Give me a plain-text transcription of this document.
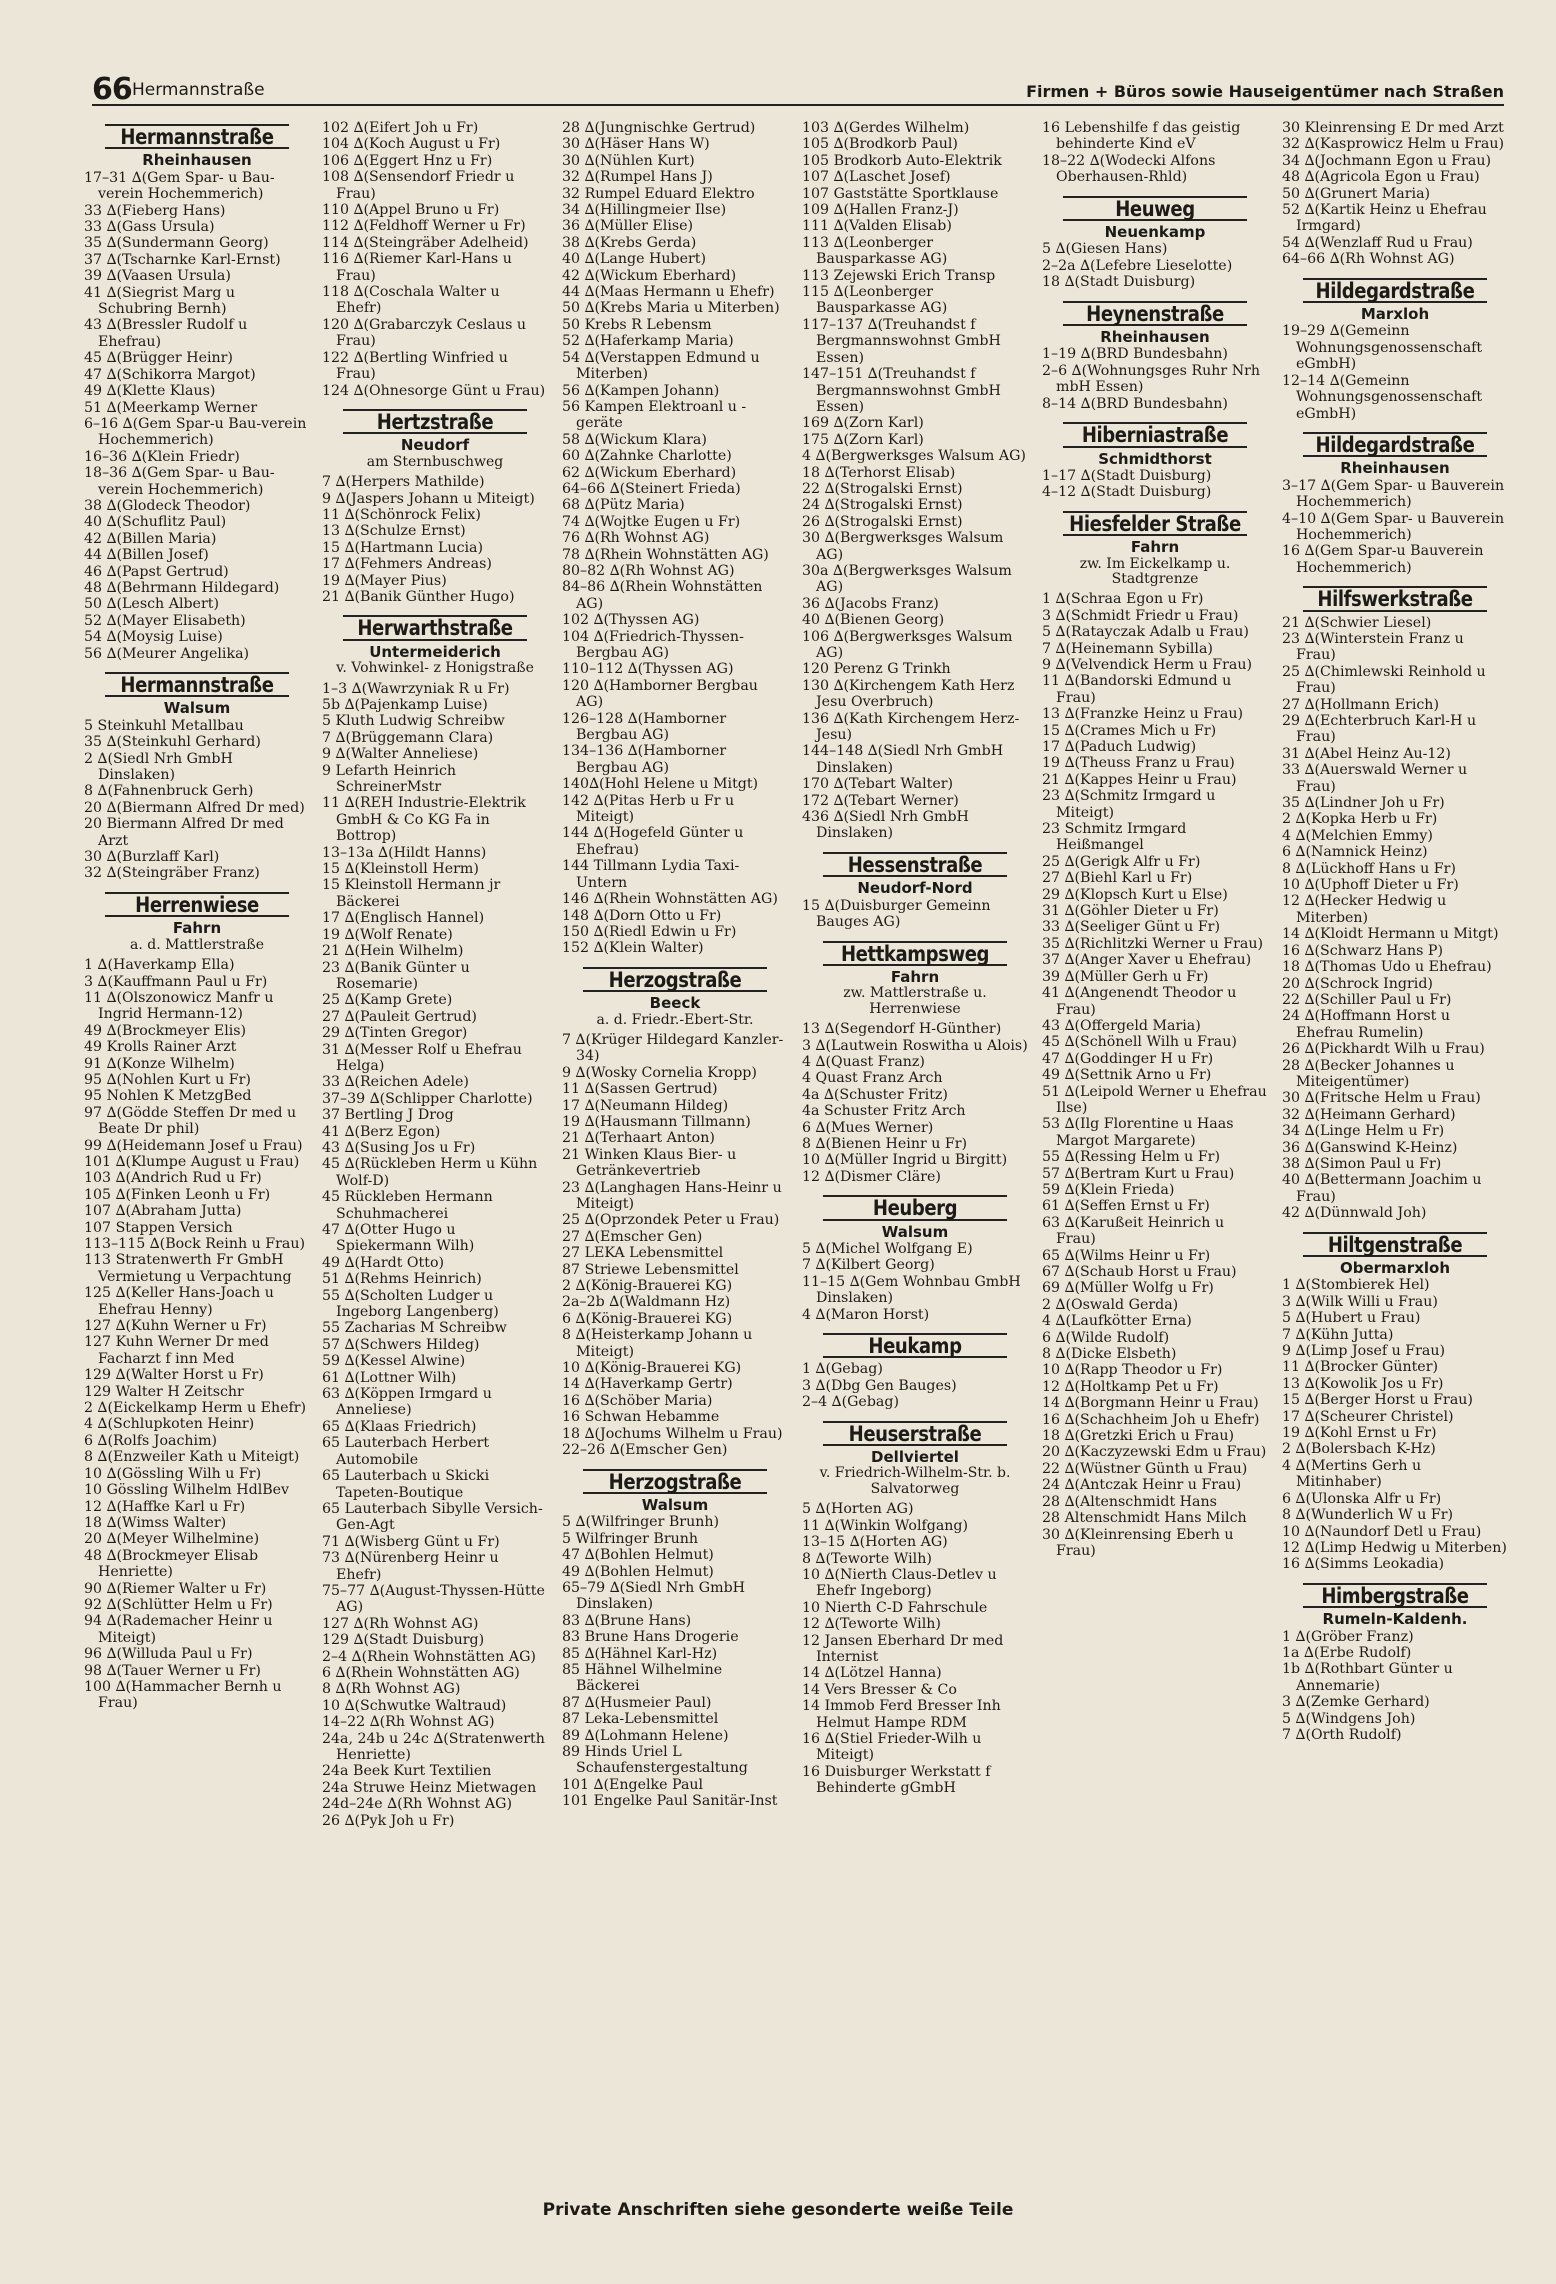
66 Hermannstraße	Firmen + Büros sowie Hauseigentümer nach Straßen
Hermannstraße
Rheinhausen
17–31 ∆(Gem Spar- u Bau-verein Hochemmerich)
33 ∆(Fieberg Hans)
33 ∆(Gass Ursula)
35 ∆(Sundermann Georg)
37 ∆(Tscharnke Karl-Ernst)
39 ∆(Vaasen Ursula)
41 ∆(Siegrist Marg u Schubring Bernh)
43 ∆(Bressler Rudolf u Ehefrau)
45 ∆(Brügger Heinr)
47 ∆(Schikorra Margot)
49 ∆(Klette Klaus)
51 ∆(Meerkamp Werner
6–16 ∆(Gem Spar-u Bau-verein Hochemmerich)
16–36 ∆(Klein Friedr)
18–36 ∆(Gem Spar- u Bau-verein Hochemmerich)
38 ∆(Glodeck Theodor)
40 ∆(Schuflitz Paul)
42 ∆(Billen Maria)
44 ∆(Billen Josef)
46 ∆(Papst Gertrud)
48 ∆(Behrmann Hildegard)
50 ∆(Lesch Albert)
52 ∆(Mayer Elisabeth)
54 ∆(Moysig Luise)
56 ∆(Meurer Angelika)
Hermannstraße
Walsum
5 Steinkuhl Metallbau
35 ∆(Steinkuhl Gerhard)
2 ∆(Siedl Nrh GmbH Dinslaken)
8 ∆(Fahnenbruck Gerh)
20 ∆(Biermann Alfred Dr med)
20 Biermann Alfred Dr med Arzt
30 ∆(Burzlaff Karl)
32 ∆(Steingräber Franz)
Herrenwiese
Fahrn
a. d. Mattlerstraße
1 ∆(Haverkamp Ella)
3 ∆(Kauffmann Paul u Fr)
11 ∆(Olszonowicz Manfr u Ingrid Hermann-12)
49 ∆(Brockmeyer Elis)
49 Krolls Rainer Arzt
91 ∆(Konze Wilhelm)
95 ∆(Nohlen Kurt u Fr)
95 Nohlen K MetzgBed
97 ∆(Gödde Steffen Dr med u Beate Dr phil)
99 ∆(Heidemann Josef u Frau)
101 ∆(Klumpe August u Frau)
103 ∆(Andrich Rud u Fr)
105 ∆(Finken Leonh u Fr)
107 ∆(Abraham Jutta)
107 Stappen Versich
113–115 ∆(Bock Reinh u Frau)
113 Stratenwerth Fr GmbH Vermietung u Verpachtung
125 ∆(Keller Hans-Joach u Ehefrau Henny)
127 ∆(Kuhn Werner u Fr)
127 Kuhn Werner Dr med Facharzt f inn Med
129 ∆(Walter Horst u Fr)
129 Walter H Zeitschr
2 ∆(Eickelkamp Herm u Ehefr)
4 ∆(Schlupkoten Heinr)
6 ∆(Rolfs Joachim)
8 ∆(Enzweiler Kath u Miteigt)
10 ∆(Gössling Wilh u Fr)
10 Gössling Wilhelm HdlBev
12 ∆(Haffke Karl u Fr)
18 ∆(Wimss Walter)
20 ∆(Meyer Wilhelmine)
48 ∆(Brockmeyer Elisab Henriette)
90 ∆(Riemer Walter u Fr)
92 ∆(Schlütter Helm u Fr)
94 ∆(Rademacher Heinr u Miteigt)
96 ∆(Willuda Paul u Fr)
98 ∆(Tauer Werner u Fr)
100 ∆(Hammacher Bernh u Frau)
102 ∆(Eifert Joh u Fr)
104 ∆(Koch August u Fr)
106 ∆(Eggert Hnz u Fr)
108 ∆(Sensendorf Friedr u Frau)
110 ∆(Appel Bruno u Fr)
112 ∆(Feldhoff Werner u Fr)
114 ∆(Steingräber Adelheid)
116 ∆(Riemer Karl-Hans u Frau)
118 ∆(Coschala Walter u Ehefr)
120 ∆(Grabarczyk Ceslaus u Frau)
122 ∆(Bertling Winfried u Frau)
124 ∆(Ohnesorge Günt u Frau)
Hertzstraße
Neudorf
am Sternbuschweg
7 ∆(Herpers Mathilde)
9 ∆(Jaspers Johann u Miteigt)
11 ∆(Schönrock Felix)
13 ∆(Schulze Ernst)
15 ∆(Hartmann Lucia)
17 ∆(Fehmers Andreas)
19 ∆(Mayer Pius)
21 ∆(Banik Günther Hugo)
Herwarthstraße
Untermeiderich
v. Vohwinkel- z Honigstraße
1–3 ∆(Wawrzyniak R u Fr)
5b ∆(Pajenkamp Luise)
5 Kluth Ludwig Schreibw
7 ∆(Brüggemann Clara)
9 ∆(Walter Anneliese)
9 Lefarth Heinrich SchreinerMstr
11 ∆(REH Industrie-Elektrik GmbH & Co KG Fa in Bottrop)
13–13a ∆(Hildt Hanns)
15 ∆(Kleinstoll Herm)
15 Kleinstoll Hermann jr Bäckerei
17 ∆(Englisch Hannel)
19 ∆(Wolf Renate)
21 ∆(Hein Wilhelm)
23 ∆(Banik Günter u Rosemarie)
25 ∆(Kamp Grete)
27 ∆(Pauleit Gertrud)
29 ∆(Tinten Gregor)
31 ∆(Messer Rolf u Ehefrau Helga)
33 ∆(Reichen Adele)
37–39 ∆(Schlipper Charlotte)
37 Bertling J Drog
41 ∆(Berz Egon)
43 ∆(Susing Jos u Fr)
45 ∆(Rückleben Herm u Kühn Wolf-D)
45 Rückleben Hermann Schuhmacherei
47 ∆(Otter Hugo u Spiekermann Wilh)
49 ∆(Hardt Otto)
51 ∆(Rehms Heinrich)
55 ∆(Scholten Ludger u Ingeborg Langenberg)
55 Zacharias M Schreibw
57 ∆(Schwers Hildeg)
59 ∆(Kessel Alwine)
61 ∆(Lottner Wilh)
63 ∆(Köppen Irmgard u Anneliese)
65 ∆(Klaas Friedrich)
65 Lauterbach Herbert Automobile
65 Lauterbach u Skicki Tapeten-Boutique
65 Lauterbach Sibylle Versich-Gen-Agt
71 ∆(Wisberg Günt u Fr)
73 ∆(Nürenberg Heinr u Ehefr)
75–77 ∆(August-Thyssen-Hütte AG)
127 ∆(Rh Wohnst AG)
129 ∆(Stadt Duisburg)
2–4 ∆(Rhein Wohnstätten AG)
6 ∆(Rhein Wohnstätten AG)
8 ∆(Rh Wohnst AG)
10 ∆(Schwutke Waltraud)
14–22 ∆(Rh Wohnst AG)
24a, 24b u 24c ∆(Stratenwerth Henriette)
24a Beek Kurt Textilien
24a Struwe Heinz Mietwagen
24d–24e ∆(Rh Wohnst AG)
26 ∆(Pyk Joh u Fr)
28 ∆(Jungnischke Gertrud)
30 ∆(Häser Hans W)
30 ∆(Nühlen Kurt)
32 ∆(Rumpel Hans J)
32 Rumpel Eduard Elektro
34 ∆(Hillingmeier Ilse)
36 ∆(Müller Elise)
38 ∆(Krebs Gerda)
40 ∆(Lange Hubert)
42 ∆(Wickum Eberhard)
44 ∆(Maas Hermann u Ehefr)
50 ∆(Krebs Maria u Miterben)
50 Krebs R Lebensm
52 ∆(Haferkamp Maria)
54 ∆(Verstappen Edmund u Miterben)
56 ∆(Kampen Johann)
56 Kampen Elektroanl u -geräte
58 ∆(Wickum Klara)
60 ∆(Zahnke Charlotte)
62 ∆(Wickum Eberhard)
64–66 ∆(Steinert Frieda)
68 ∆(Pütz Maria)
74 ∆(Wojtke Eugen u Fr)
76 ∆(Rh Wohnst AG)
78 ∆(Rhein Wohnstätten AG)
80–82 ∆(Rh Wohnst AG)
84–86 ∆(Rhein Wohnstätten AG)
102 ∆(Thyssen AG)
104 ∆(Friedrich-Thyssen-Bergbau AG)
110–112 ∆(Thyssen AG)
120 ∆(Hamborner Bergbau AG)
126–128 ∆(Hamborner Bergbau AG)
134–136 ∆(Hamborner Bergbau AG)
140∆(Hohl Helene u Mitgt)
142 ∆(Pitas Herb u Fr u Miteigt)
144 ∆(Hogefeld Günter u Ehefrau)
144 Tillmann Lydia Taxi-Untern
146 ∆(Rhein Wohnstätten AG)
148 ∆(Dorn Otto u Fr)
150 ∆(Riedl Edwin u Fr)
152 ∆(Klein Walter)
Herzogstraße
Beeck
a. d. Friedr.-Ebert-Str.
7 ∆(Krüger Hildegard Kanzler-34)
9 ∆(Wosky Cornelia Kropp)
11 ∆(Sassen Gertrud)
17 ∆(Neumann Hildeg)
19 ∆(Hausmann Tillmann)
21 ∆(Terhaart Anton)
21 Winken Klaus Bier- u Getränkevertrieb
23 ∆(Langhagen Hans-Heinr u Miteigt)
25 ∆(Oprzondek Peter u Frau)
27 ∆(Emscher Gen)
27 LEKA Lebensmittel
87 Striewe Lebensmittel
2 ∆(König-Brauerei KG)
2a–2b ∆(Waldmann Hz)
6 ∆(König-Brauerei KG)
8 ∆(Heisterkamp Johann u Miteigt)
10 ∆(König-Brauerei KG)
14 ∆(Haverkamp Gertr)
16 ∆(Schöber Maria)
16 Schwan Hebamme
18 ∆(Jochums Wilhelm u Frau)
22–26 ∆(Emscher Gen)
Herzogstraße
Walsum
5 ∆(Wilfringer Brunh)
5 Wilfringer Brunh
47 ∆(Bohlen Helmut)
49 ∆(Bohlen Helmut)
65–79 ∆(Siedl Nrh GmbH Dinslaken)
83 ∆(Brune Hans)
83 Brune Hans Drogerie
85 ∆(Hähnel Karl-Hz)
85 Hähnel Wilhelmine Bäckerei
87 ∆(Husmeier Paul)
87 Leka-Lebensmittel
89 ∆(Lohmann Helene)
89 Hinds Uriel L Schaufenstergestaltung
101 ∆(Engelke Paul
101 Engelke Paul Sanitär-Inst
103 ∆(Gerdes Wilhelm)
105 ∆(Brodkorb Paul)
105 Brodkorb Auto-Elektrik
107 ∆(Laschet Josef)
107 Gaststätte Sportklause
109 ∆(Hallen Franz-J)
111 ∆(Valden Elisab)
113 ∆(Leonberger Bausparkasse AG)
113 Zejewski Erich Transp
115 ∆(Leonberger Bausparkasse AG)
117–137 ∆(Treuhandst f Bergmannswohnst GmbH Essen)
147–151 ∆(Treuhandst f Bergmannswohnst GmbH Essen)
169 ∆(Zorn Karl)
175 ∆(Zorn Karl)
4 ∆(Bergwerksges Walsum AG)
18 ∆(Terhorst Elisab)
22 ∆(Strogalski Ernst)
24 ∆(Strogalski Ernst)
26 ∆(Strogalski Ernst)
30 ∆(Bergwerksges Walsum AG)
30a ∆(Bergwerksges Walsum AG)
36 ∆(Jacobs Franz)
40 ∆(Bienen Georg)
106 ∆(Bergwerksges Walsum AG)
120 Perenz G Trinkh
130 ∆(Kirchengem Kath Herz Jesu Overbruch)
136 ∆(Kath Kirchengem Herz-Jesu)
144–148 ∆(Siedl Nrh GmbH Dinslaken)
170 ∆(Tebart Walter)
172 ∆(Tebart Werner)
436 ∆(Siedl Nrh GmbH Dinslaken)
Hessenstraße
Neudorf-Nord
15 ∆(Duisburger Gemeinn Bauges AG)
Hettkampsweg
Fahrn
zw. Mattlerstraße u. Herrenwiese
13 ∆(Segendorf H-Günther)
3 ∆(Lautwein Roswitha u Alois)
4 ∆(Quast Franz)
4 Quast Franz Arch
4a ∆(Schuster Fritz)
4a Schuster Fritz Arch
6 ∆(Mues Werner)
8 ∆(Bienen Heinr u Fr)
10 ∆(Müller Ingrid u Birgitt)
12 ∆(Dismer Cläre)
Heuberg
Walsum
5 ∆(Michel Wolfgang E)
7 ∆(Kilbert Georg)
11–15 ∆(Gem Wohnbau GmbH Dinslaken)
4 ∆(Maron Horst)
Heukamp
1 ∆(Gebag)
3 ∆(Dbg Gen Bauges)
2–4 ∆(Gebag)
Heuserstraße
Dellviertel
v. Friedrich-Wilhelm-Str. b. Salvatorweg
5 ∆(Horten AG)
11 ∆(Winkin Wolfgang)
13–15 ∆(Horten AG)
8 ∆(Teworte Wilh)
10 ∆(Nierth Claus-Detlev u Ehefr Ingeborg)
10 Nierth C-D Fahrschule
12 ∆(Teworte Wilh)
12 Jansen Eberhard Dr med Internist
14 ∆(Lötzel Hanna)
14 Vers Bresser & Co
14 Immob Ferd Bresser Inh Helmut Hampe RDM
16 ∆(Stiel Frieder-Wilh u Miteigt)
16 Duisburger Werkstatt f Behinderte gGmbH
16 Lebenshilfe f das geistig behinderte Kind eV
18–22 ∆(Wodecki Alfons Oberhausen-Rhld)
Heuweg
Neuenkamp
5 ∆(Giesen Hans)
2–2a ∆(Lefebre Lieselotte)
18 ∆(Stadt Duisburg)
Heynenstraße
Rheinhausen
1–19 ∆(BRD Bundesbahn)
2–6 ∆(Wohnungsges Ruhr Nrh mbH Essen)
8–14 ∆(BRD Bundesbahn)
Hiberniastraße
Schmidthorst
1–17 ∆(Stadt Duisburg)
4–12 ∆(Stadt Duisburg)
Hiesfelder Straße
Fahrn
zw. Im Eickelkamp u. Stadtgrenze
1 ∆(Schraa Egon u Fr)
3 ∆(Schmidt Friedr u Frau)
5 ∆(Ratayczak Adalb u Frau)
7 ∆(Heinemann Sybilla)
9 ∆(Velvendick Herm u Frau)
11 ∆(Bandorski Edmund u Frau)
13 ∆(Franzke Heinz u Frau)
15 ∆(Crames Mich u Fr)
17 ∆(Paduch Ludwig)
19 ∆(Theuss Franz u Frau)
21 ∆(Kappes Heinr u Frau)
23 ∆(Schmitz Irmgard u Miteigt)
23 Schmitz Irmgard Heißmangel
25 ∆(Gerigk Alfr u Fr)
27 ∆(Biehl Karl u Fr)
29 ∆(Klopsch Kurt u Else)
31 ∆(Göhler Dieter u Fr)
33 ∆(Seeliger Günt u Fr)
35 ∆(Richlitzki Werner u Frau)
37 ∆(Anger Xaver u Ehefrau)
39 ∆(Müller Gerh u Fr)
41 ∆(Angenendt Theodor u Frau)
43 ∆(Offergeld Maria)
45 ∆(Schönell Wilh u Frau)
47 ∆(Goddinger H u Fr)
49 ∆(Settnik Arno u Fr)
51 ∆(Leipold Werner u Ehefrau Ilse)
53 ∆(Ilg Florentine u Haas Margot Margarete)
55 ∆(Ressing Helm u Fr)
57 ∆(Bertram Kurt u Frau)
59 ∆(Klein Frieda)
61 ∆(Seffen Ernst u Fr)
63 ∆(Karußeit Heinrich u Frau)
65 ∆(Wilms Heinr u Fr)
67 ∆(Schaub Horst u Frau)
69 ∆(Müller Wolfg u Fr)
2 ∆(Oswald Gerda)
4 ∆(Laufkötter Erna)
6 ∆(Wilde Rudolf)
8 ∆(Dicke Elsbeth)
10 ∆(Rapp Theodor u Fr)
12 ∆(Holtkamp Pet u Fr)
14 ∆(Borgmann Heinr u Frau)
16 ∆(Schachheim Joh u Ehefr)
18 ∆(Gretzki Erich u Frau)
20 ∆(Kaczyzewski Edm u Frau)
22 ∆(Wüstner Günth u Frau)
24 ∆(Antczak Heinr u Frau)
28 ∆(Altenschmidt Hans
28 Altenschmidt Hans Milch
30 ∆(Kleinrensing Eberh u Frau)
30 Kleinrensing E Dr med Arzt
32 ∆(Kasprowicz Helm u Frau)
34 ∆(Jochmann Egon u Frau)
48 ∆(Agricola Egon u Frau)
50 ∆(Grunert Maria)
52 ∆(Kartik Heinz u Ehefrau Irmgard)
54 ∆(Wenzlaff Rud u Frau)
64–66 ∆(Rh Wohnst AG)
Hildegardstraße
Marxloh
19–29 ∆(Gemeinn Wohnungsgenossenschaft eGmbH)
12–14 ∆(Gemeinn Wohnungsgenossenschaft eGmbH)
Hildegardstraße
Rheinhausen
3–17 ∆(Gem Spar- u Bauverein Hochemmerich)
4–10 ∆(Gem Spar- u Bauverein Hochemmerich)
16 ∆(Gem Spar-u Bauverein Hochemmerich)
Hilfswerkstraße
21 ∆(Schwier Liesel)
23 ∆(Winterstein Franz u Frau)
25 ∆(Chimlewski Reinhold u Frau)
27 ∆(Hollmann Erich)
29 ∆(Echterbruch Karl-H u Frau)
31 ∆(Abel Heinz Au-12)
33 ∆(Auerswald Werner u Frau)
35 ∆(Lindner Joh u Fr)
2 ∆(Kopka Herb u Fr)
4 ∆(Melchien Emmy)
6 ∆(Namnick Heinz)
8 ∆(Lückhoff Hans u Fr)
10 ∆(Uphoff Dieter u Fr)
12 ∆(Hecker Hedwig u Miterben)
14 ∆(Kloidt Hermann u Mitgt)
16 ∆(Schwarz Hans P)
18 ∆(Thomas Udo u Ehefrau)
20 ∆(Schrock Ingrid)
22 ∆(Schiller Paul u Fr)
24 ∆(Hoffmann Horst u Ehefrau Rumelin)
26 ∆(Pickhardt Wilh u Frau)
28 ∆(Becker Johannes u Miteigentümer)
30 ∆(Fritsche Helm u Frau)
32 ∆(Heimann Gerhard)
34 ∆(Linge Helm u Fr)
36 ∆(Ganswind K-Heinz)
38 ∆(Simon Paul u Fr)
40 ∆(Bettermann Joachim u Frau)
42 ∆(Dünnwald Joh)
Hiltgenstraße
Obermarxloh
1 ∆(Stombierek Hel)
3 ∆(Wilk Willi u Frau)
5 ∆(Hubert u Frau)
7 ∆(Kühn Jutta)
9 ∆(Limp Josef u Frau)
11 ∆(Brocker Günter)
13 ∆(Kowolik Jos u Fr)
15 ∆(Berger Horst u Frau)
17 ∆(Scheurer Christel)
19 ∆(Kohl Ernst u Fr)
2 ∆(Bolersbach K-Hz)
4 ∆(Mertins Gerh u Mitinhaber)
6 ∆(Ulonska Alfr u Fr)
8 ∆(Wunderlich W u Fr)
10 ∆(Naundorf Detl u Frau)
12 ∆(Limp Hedwig u Miterben)
16 ∆(Simms Leokadia)
Himbergstraße
Rumeln-Kaldenh.
1 ∆(Gröber Franz)
1a ∆(Erbe Rudolf)
1b ∆(Rothbart Günter u Annemarie)
3 ∆(Zemke Gerhard)
5 ∆(Windgens Joh)
7 ∆(Orth Rudolf)
Private Anschriften siehe gesonderte weiße Teile
